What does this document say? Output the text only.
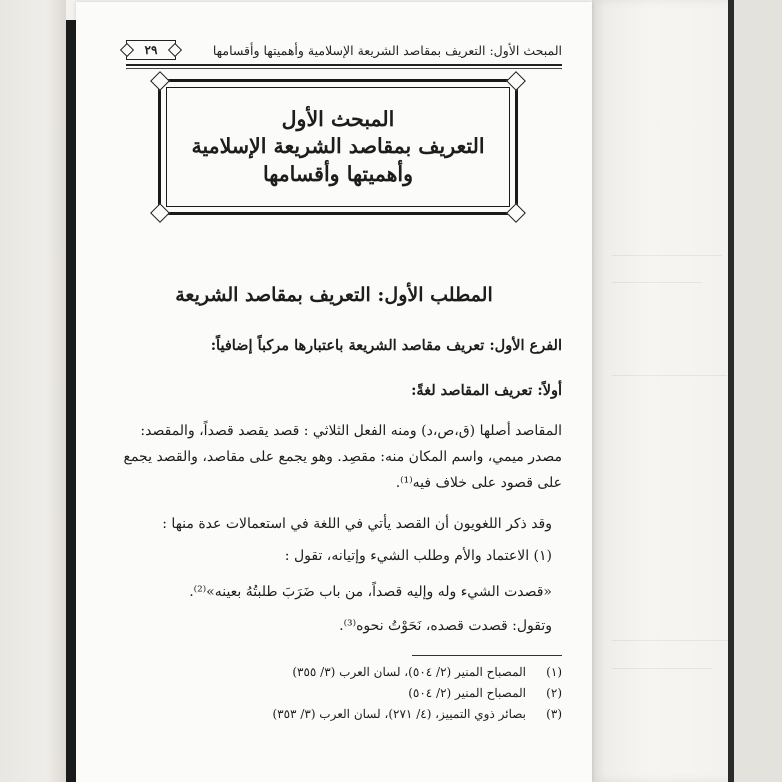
المبحث الأول: التعريف بمقاصد الشريعة الإسلامية وأهميتها وأقسامها
٢٩
المبحث الأول
التعريف بمقاصد الشريعة الإسلامية
وأهميتها وأقسامها
المطلب الأول: التعريف بمقاصد الشريعة
الفرع الأول: تعريف مقاصد الشريعة باعتبارها مركباً إضافياً:
أولاً: تعريف المقاصد لغةً:
المقاصد أصلها (ق،ص،د) ومنه الفعل الثلاثي : قصد يقصد قصداً، والمقصد:
مصدر ميمي، واسم المكان منه: مقصِد. وهو يجمع على مقاصد، والقصد يجمع
على قصود على خلاف فيه⁽¹⁾.
وقد ذكر اللغويون أن القصد يأتي في اللغة في استعمالات عدة منها :
(١) الاعتماد والأم وطلب الشيء وإتيانه، تقول :
«قصدت الشيء وله وإليه قصداً، من باب ضَرَبَ طلبتُهُ بعينه»⁽²⁾.
وتقول: قصدت قصده، نَحَوْتُ نحوه⁽³⁾.
(١)
المصباح المنير (٢/ ٥٠٤)، لسان العرب (٣/ ٣٥٥)
(٢)
المصباح المنير (٢/ ٥٠٤)
(٣)
بصائر ذوي التمييز، (٤/ ٢٧١)، لسان العرب (٣/ ٣٥٣)
